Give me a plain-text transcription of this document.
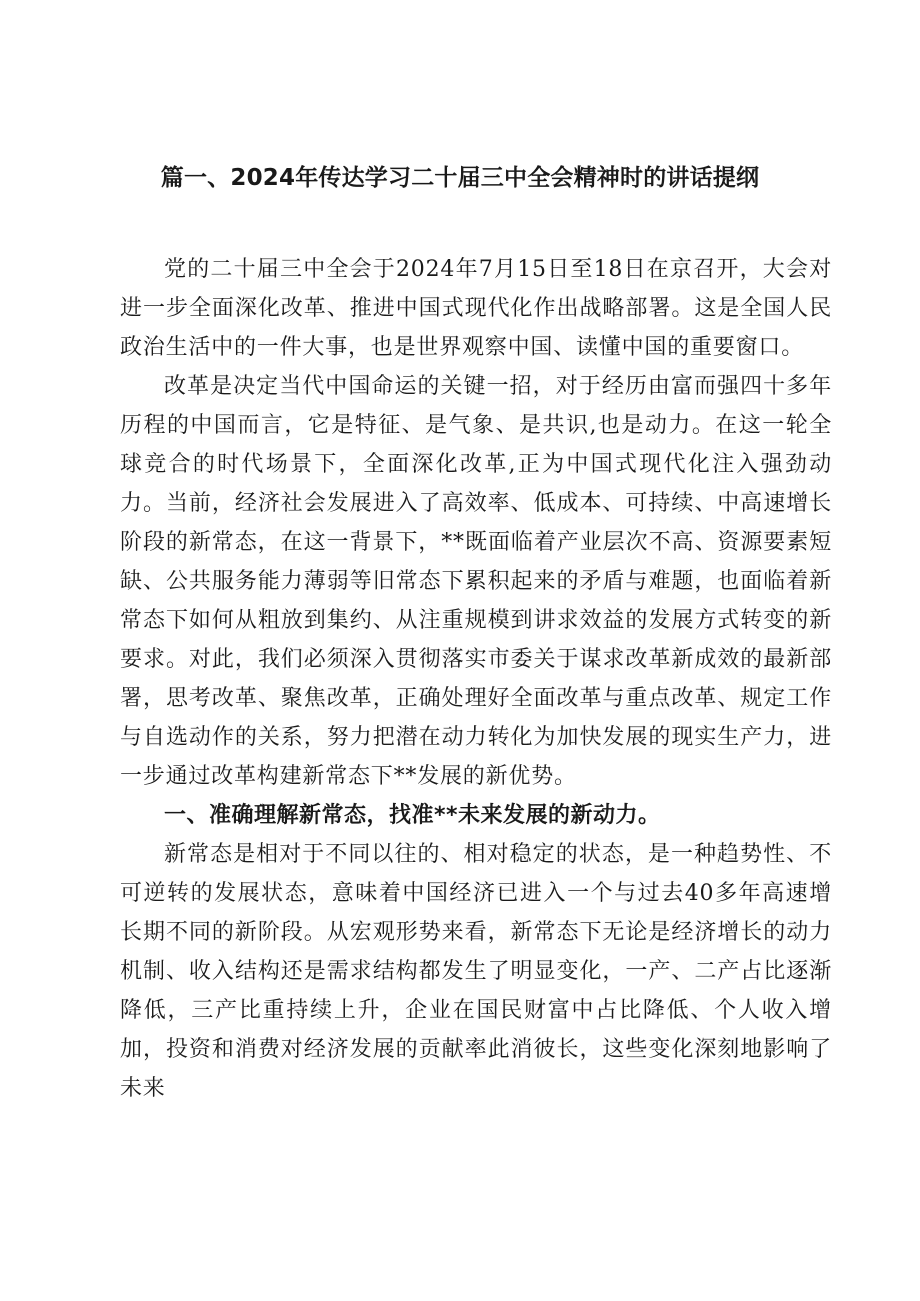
篇一、2024年传达学习二十届三中全会精神时的讲话提纲

党的二十届三中全会于2024年7月15日至18日在京召开，大会对进一步全面深化改革、推进中国式现代化作出战略部署。这是全国人民政治生活中的一件大事，也是世界观察中国、读懂中国的重要窗口。

改革是决定当代中国命运的关键一招，对于经历由富而强四十多年历程的中国而言，它是特征、是气象、是共识,也是动力。在这一轮全球竞合的时代场景下，全面深化改革,正为中国式现代化注入强劲动力。当前，经济社会发展进入了高效率、低成本、可持续、中高速增长阶段的新常态，在这一背景下，**既面临着产业层次不高、资源要素短缺、公共服务能力薄弱等旧常态下累积起来的矛盾与难题，也面临着新常态下如何从粗放到集约、从注重规模到讲求效益的发展方式转变的新要求。对此，我们必须深入贯彻落实市委关于谋求改革新成效的最新部署，思考改革、聚焦改革，正确处理好全面改革与重点改革、规定工作与自选动作的关系，努力把潜在动力转化为加快发展的现实生产力，进一步通过改革构建新常态下**发展的新优势。

一、准确理解新常态，找准**未来发展的新动力。

新常态是相对于不同以往的、相对稳定的状态，是一种趋势性、不可逆转的发展状态，意味着中国经济已进入一个与过去40多年高速增长期不同的新阶段。从宏观形势来看，新常态下无论是经济增长的动力机制、收入结构还是需求结构都发生了明显变化，一产、二产占比逐渐降低，三产比重持续上升，企业在国民财富中占比降低、个人收入增加，投资和消费对经济发展的贡献率此消彼长，这些变化深刻地影响了未来
